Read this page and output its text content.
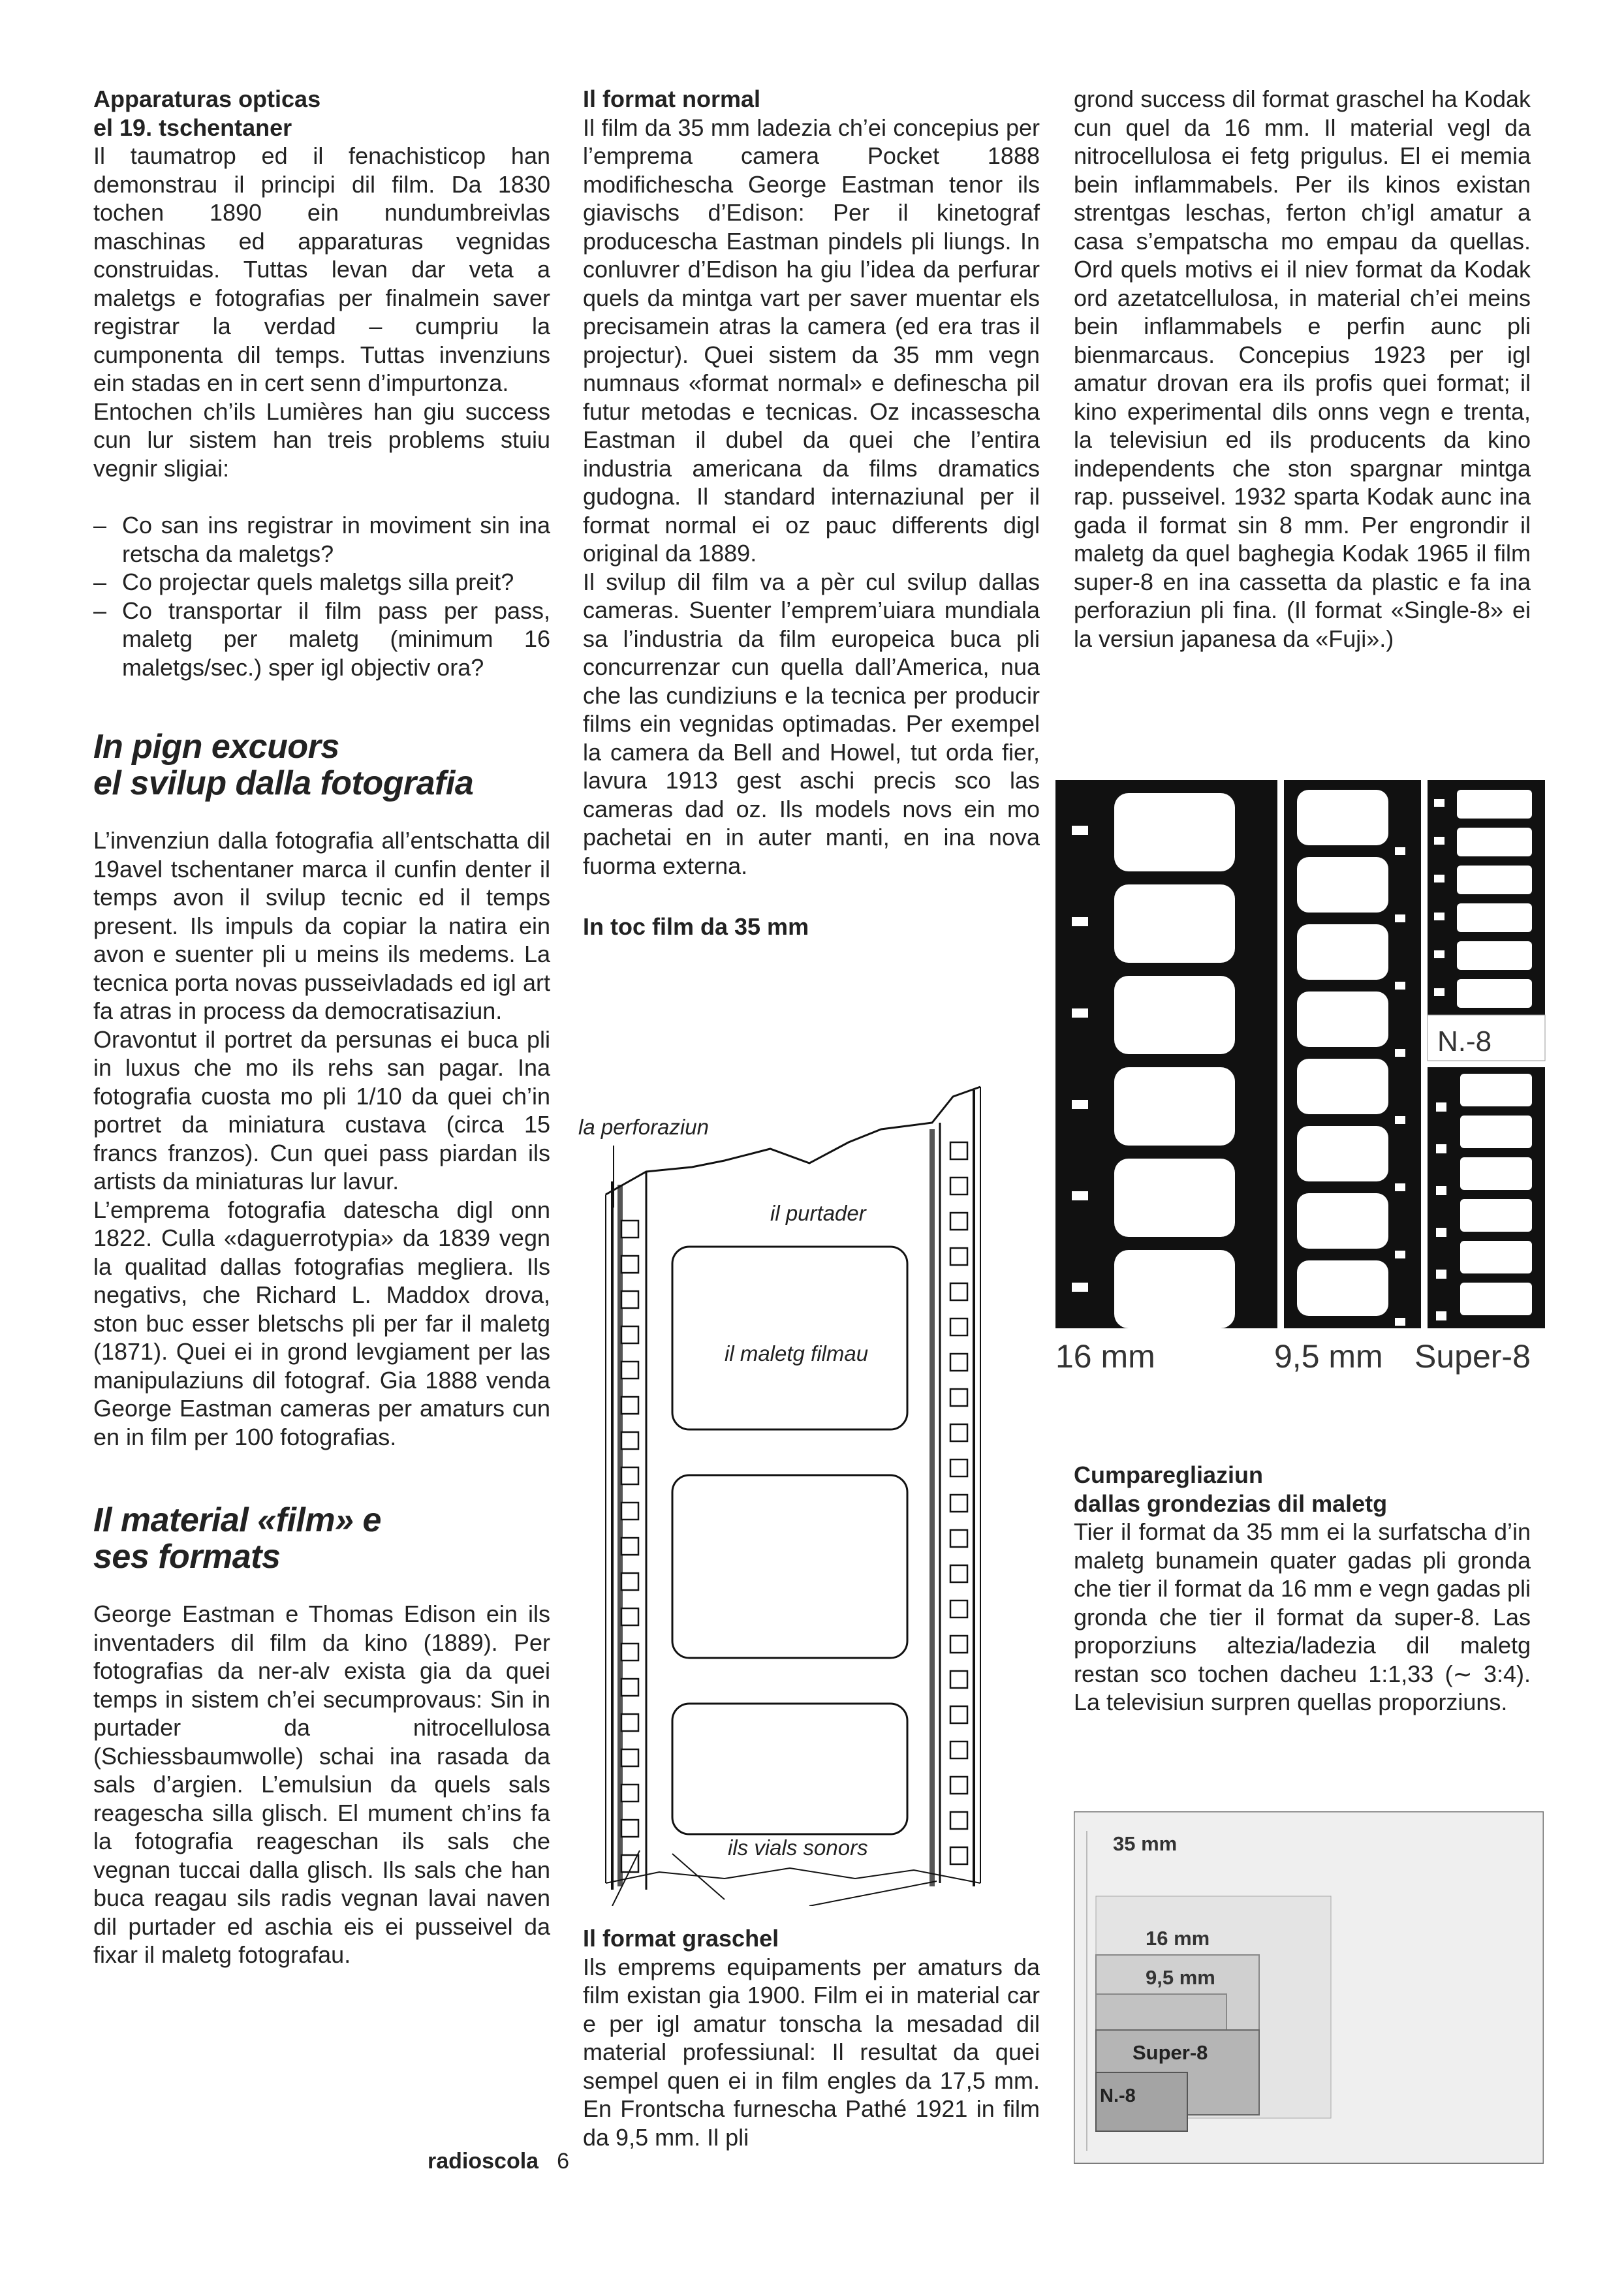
Apparaturas opticas

el 19. tschentaner

Il taumatrop ed il fenachisticop han demonstrau il principi dil film. Da 1830 tochen 1890 ein nundumbreivlas maschinas ed apparaturas vegnidas construidas. Tuttas levan dar veta a maletgs e fotografias per finalmein saver registrar la verdad – cumpriu la cumponenta dil temps. Tuttas invenziuns ein stadas en in cert senn d’impurtonza.

Entochen ch’ils Lumières han giu success cun lur sistem han treis problems stuiu vegnir sligiai:

– Co san ins registrar in moviment sin ina retscha da maletgs?
– Co projectar quels maletgs silla preit?
– Co transportar il film pass per pass, maletg per maletg (minimum 16 maletgs/sec.) sper igl objectiv ora?

In pign excuors

el svilup dalla fotografia

L’invenziun dalla fotografia all’entschatta dil 19avel tschentaner marca il cunfin denter il temps avon il svilup tecnic ed il temps present. Ils impuls da copiar la natira ein avon e suenter pli u meins ils medems. La tecnica porta novas pusseivladads ed igl art fa atras in process da democratisaziun.

Oravontut il portret da persunas ei buca pli in luxus che mo ils rehs san pagar. Ina fotografia cuosta mo pli 1/10 da quei ch’in portret da miniatura custava (circa 15 francs franzos). Cun quei pass piardan ils artists da miniaturas lur lavur.

L’emprema fotografia datescha digl onn 1822. Culla «daguerrotypia» da 1839 vegn la qualitad dallas fotografias megliera. Ils negativs, che Richard L. Maddox drova, ston buc esser bletschs pli per far il maletg (1871). Quei ei in grond levgiament per las manipulaziuns dil fotograf. Gia 1888 venda George Eastman cameras per amaturs cun en in film per 100 fotografias.

Il material «film» e

ses formats

George Eastman e Thomas Edison ein ils inventaders dil film da kino (1889). Per fotografias da ner-alv exista gia da quei temps in sistem ch’ei secumprovaus: Sin in purtader da nitrocellulosa (Schiessbaumwolle) schai ina rasada da sals d’argien. L’emulsiun da quels sals reagescha silla glisch. El mument ch’ins fa la fotografia reageschan ils sals che vegnan tuccai dalla glisch. Ils sals che han buca reagau sils radis vegnan lavai naven dil purtader ed aschia eis ei pusseivel da fixar il maletg fotografau.

Il format normal

Il film da 35 mm ladezia ch’ei concepius per l’emprema camera Pocket 1888 modifichescha George Eastman tenor ils giavischs d’Edison: Per il kinetograf producescha Eastman pindels pli liungs. In conluvrer d’Edison ha giu l’idea da perfurar quels da mintga vart per saver muentar els precisamein atras la camera (ed era tras il projectur). Quei sistem da 35 mm vegn numnaus «format normal» e definescha pil futur metodas e tecnicas. Oz incassescha Eastman il dubel da quei che l’entira industria americana da films dramatics gudogna. Il standard internaziunal per il format normal ei oz pauc differents digl original da 1889.

Il svilup dil film va a pèr cul svilup dallas cameras. Suenter l’emprem’uiara mundiala sa l’industria da film europeica buca pli concurrenzar cun quella dall’America, nua che las cundiziuns e la tecnica per producir films ein vegnidas optimadas. Per exempel la camera da Bell and Howel, tut orda fier, lavura 1913 gest aschi precis sco las cameras dad oz. Ils models novs ein mo pachetai en in auter manti, en ina nova fuorma externa.

In toc film da 35 mm

la perforaziun
il purtader
il maletg filmau
ils vials sonors

Il format graschel

Ils emprems equipaments per amaturs da film existan gia 1900. Film ei in material car e per igl amatur tonscha la mesadad dil material professiunal: Il resultat da quei sempel quen ei in film engles da 17,5 mm. En Frontscha furnescha Pathé 1921 in film da 9,5 mm. Il pli

grond success dil format graschel ha Kodak cun quel da 16 mm. Il material vegl da nitrocellulosa ei fetg prigulus. El ei memia bein inflammabels. Per ils kinos existan strentgas leschas, ferton ch’igl amatur a casa s’empatscha mo empau da quellas. Ord quels motivs ei il niev format da Kodak ord azetatcellulosa, in material ch’ei meins bein inflammabels e perfin aunc pli bienmarcaus. Concepius 1923 per igl amatur drovan era ils profis quei format; il kino experimental dils onns vegn e trenta, la televisiun ed ils producents da kino independents che ston spargnar mintga rap. pusseivel. 1932 sparta Kodak aunc ina gada il format sin 8 mm. Per engrondir il maletg da quel baghegia Kodak 1965 il film super-8 en ina cassetta da plastic e fa ina perforaziun pli fina. (Il format «Single-8» ei la versiun japanesa da «Fuji».)

N.-8
16 mm	9,5 mm Super-8

Cumparegliaziun

dallas grondezias dil maletg

Tier il format da 35 mm ei la surfatscha d’in maletg bunamein quater gadas pli gronda che tier il format da 16 mm e vegn gadas pli gronda che tier il format da super-8. Las proporziuns altezia/ladezia dil maletg restan sco tochen dacheu 1:1,33 (∼ 3:4). La televisiun surpren quellas proporziuns.

35 mm
16 mm
9,5 mm
Super-8
N.-8
radioscola 6
